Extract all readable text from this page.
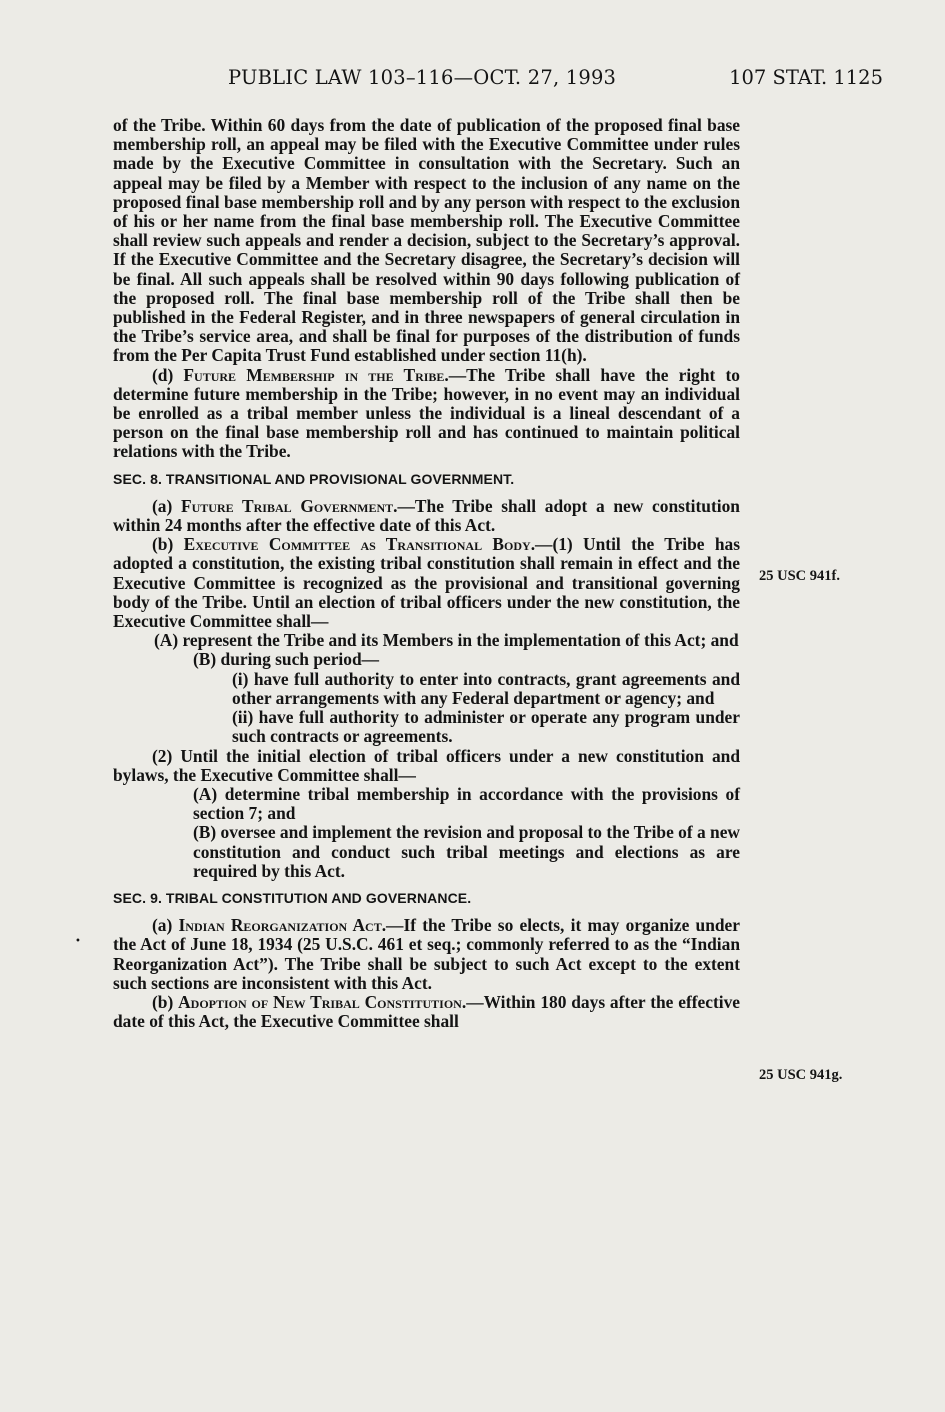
PUBLIC LAW 103–116—OCT. 27, 1993	107 STAT. 1125
25 USC 941f.
25 USC 941g.

of the Tribe. Within 60 days from the date of publication of the proposed final base membership roll, an appeal may be filed with the Executive Committee under rules made by the Executive Committee in consultation with the Secretary. Such an appeal may be filed by a Member with respect to the inclusion of any name on the proposed final base membership roll and by any person with respect to the exclusion of his or her name from the final base membership roll. The Executive Committee shall review such appeals and render a decision, subject to the Secretary’s approval. If the Executive Committee and the Secretary disagree, the Secretary’s decision will be final. All such appeals shall be resolved within 90 days following publication of the proposed roll. The final base membership roll of the Tribe shall then be published in the Federal Register, and in three newspapers of general circulation in the Tribe’s service area, and shall be final for purposes of the distribution of funds from the Per Capita Trust Fund established under section 11(h).

(d) Future Membership in the Tribe.—The Tribe shall have the right to determine future membership in the Tribe; however, in no event may an individual be enrolled as a tribal member unless the individual is a lineal descendant of a person on the final base membership roll and has continued to maintain political relations with the Tribe.

SEC. 8. TRANSITIONAL AND PROVISIONAL GOVERNMENT.

(a) Future Tribal Government.—The Tribe shall adopt a new constitution within 24 months after the effective date of this Act.

(b) Executive Committee as Transitional Body.—(1) Until the Tribe has adopted a constitution, the existing tribal constitution shall remain in effect and the Executive Committee is recognized as the provisional and transitional governing body of the Tribe. Until an election of tribal officers under the new constitution, the Executive Committee shall—

(A) represent the Tribe and its Members in the implementation of this Act; and

(B) during such period—

(i) have full authority to enter into contracts, grant agreements and other arrangements with any Federal department or agency; and

(ii) have full authority to administer or operate any program under such contracts or agreements.

(2) Until the initial election of tribal officers under a new constitution and bylaws, the Executive Committee shall—

(A) determine tribal membership in accordance with the provisions of section 7; and

(B) oversee and implement the revision and proposal to the Tribe of a new constitution and conduct such tribal meetings and elections as are required by this Act.

SEC. 9. TRIBAL CONSTITUTION AND GOVERNANCE.

(a) Indian Reorganization Act.—If the Tribe so elects, it may organize under the Act of June 18, 1934 (25 U.S.C. 461 et seq.; commonly referred to as the “Indian Reorganization Act”). The Tribe shall be subject to such Act except to the extent such sections are inconsistent with this Act.

(b) Adoption of New Tribal Constitution.—Within 180 days after the effective date of this Act, the Executive Committee shall

•
